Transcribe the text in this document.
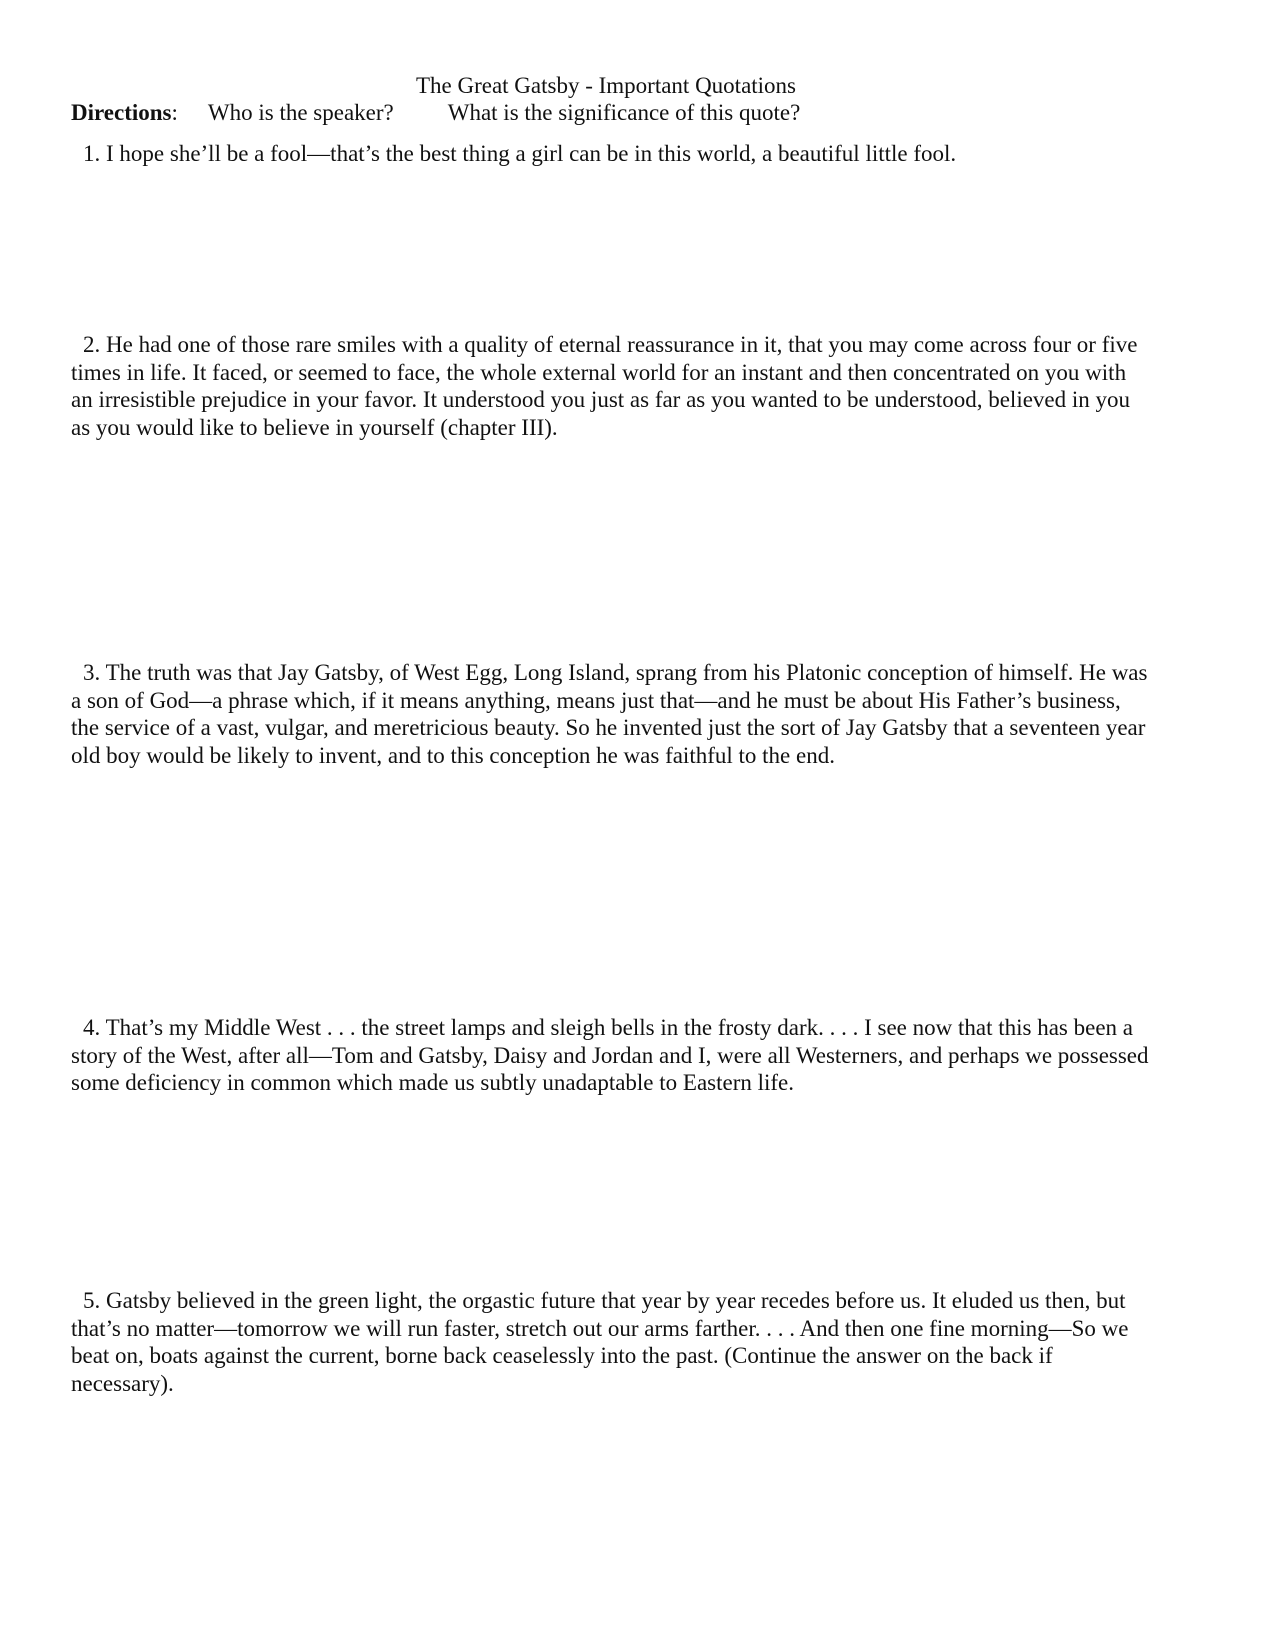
The Great Gatsby - Important Quotations
Directions: Who is the speaker? What is the significance of this quote?

1. I hope she’ll be a fool—that’s the best thing a girl can be in this world, a beautiful little fool.

2. He had one of those rare smiles with a quality of eternal reassurance in it, that you may come across four or five times in life. It faced, or seemed to face, the whole external world for an instant and then concentrated on you with an irresistible prejudice in your favor. It understood you just as far as you wanted to be understood, believed in you as you would like to believe in yourself (chapter III).

3. The truth was that Jay Gatsby, of West Egg, Long Island, sprang from his Platonic conception of himself. He was a son of God—a phrase which, if it means anything, means just that—and he must be about His Father’s business, the service of a vast, vulgar, and meretricious beauty. So he invented just the sort of Jay Gatsby that a seventeen year old boy would be likely to invent, and to this conception he was faithful to the end.

4. That’s my Middle West . . . the street lamps and sleigh bells in the frosty dark. . . . I see now that this has been a story of the West, after all—Tom and Gatsby, Daisy and Jordan and I, were all Westerners, and perhaps we possessed some deficiency in common which made us subtly unadaptable to Eastern life.

5. Gatsby believed in the green light, the orgastic future that year by year recedes before us. It eluded us then, but that’s no matter—tomorrow we will run faster, stretch out our arms farther. . . . And then one fine morning—So we beat on, boats against the current, borne back ceaselessly into the past. (Continue the answer on the back if necessary).
